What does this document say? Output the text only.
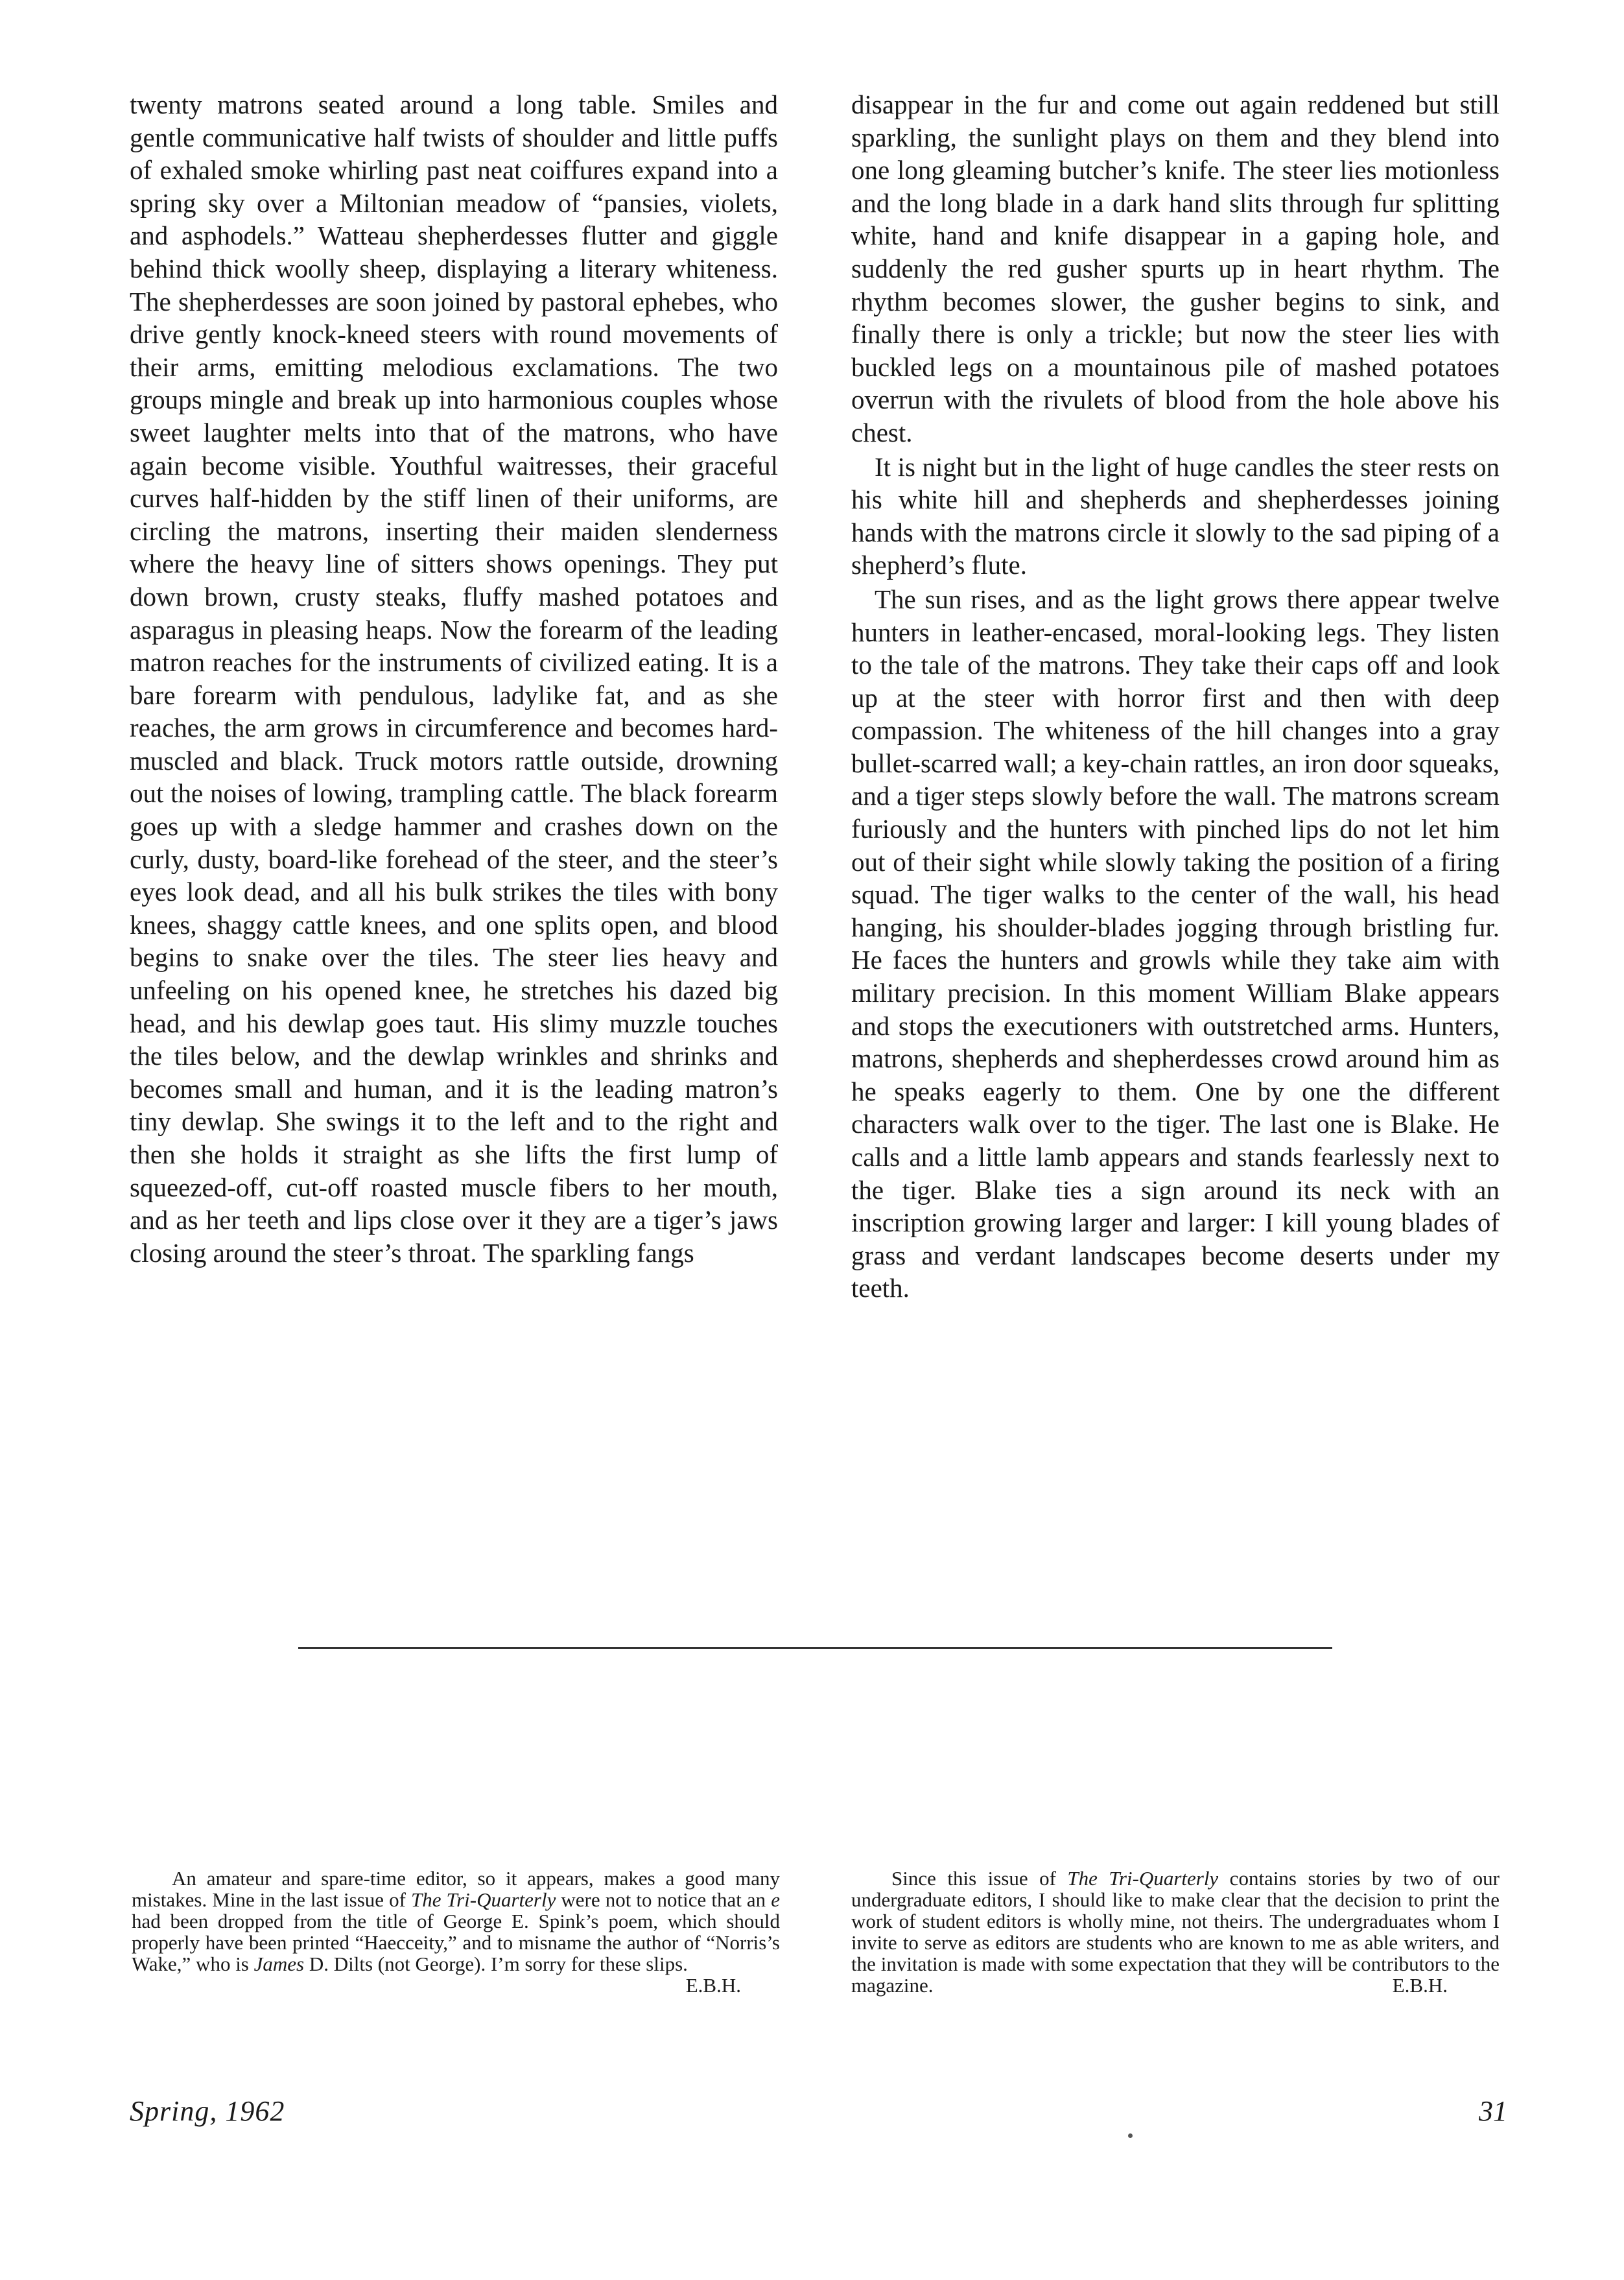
twenty matrons seated around a long table. Smiles and gentle communicative half twists of shoulder and little puffs of exhaled smoke whirling past neat coiffures expand into a spring sky over a Miltonian meadow of “pansies, violets, and asphodels.” Watteau shepherdesses flutter and giggle behind thick woolly sheep, displaying a literary whiteness. The shepherdesses are soon joined by pastoral ephebes, who drive gently knock-kneed steers with round movements of their arms, emitting melodious exclamations. The two groups mingle and break up into harmonious couples whose sweet laughter melts into that of the matrons, who have again become visible. Youthful waitresses, their graceful curves half-hidden by the stiff linen of their uniforms, are circling the matrons, inserting their maiden slenderness where the heavy line of sitters shows openings. They put down brown, crusty steaks, fluffy mashed potatoes and asparagus in pleasing heaps. Now the forearm of the leading matron reaches for the instruments of civilized eating. It is a bare forearm with pendulous, ladylike fat, and as she reaches, the arm grows in circumference and becomes hard-muscled and black. Truck motors rattle outside, drowning out the noises of lowing, trampling cattle. The black forearm goes up with a sledge hammer and crashes down on the curly, dusty, board-like forehead of the steer, and the steer’s eyes look dead, and all his bulk strikes the tiles with bony knees, shaggy cattle knees, and one splits open, and blood begins to snake over the tiles. The steer lies heavy and unfeeling on his opened knee, he stretches his dazed big head, and his dewlap goes taut. His slimy muzzle touches the tiles below, and the dewlap wrinkles and shrinks and becomes small and human, and it is the leading matron’s tiny dewlap. She swings it to the left and to the right and then she holds it straight as she lifts the first lump of squeezed-off, cut-off roasted muscle fibers to her mouth, and as her teeth and lips close over it they are a tiger’s jaws closing around the steer’s throat. The sparkling fangs

disappear in the fur and come out again reddened but still sparkling, the sunlight plays on them and they blend into one long gleaming butcher’s knife. The steer lies motionless and the long blade in a dark hand slits through fur splitting white, hand and knife disappear in a gaping hole, and suddenly the red gusher spurts up in heart rhythm. The rhythm becomes slower, the gusher begins to sink, and finally there is only a trickle; but now the steer lies with buckled legs on a mountainous pile of mashed potatoes overrun with the rivulets of blood from the hole above his chest.

It is night but in the light of huge candles the steer rests on his white hill and shepherds and shepherdesses joining hands with the matrons circle it slowly to the sad piping of a shepherd’s flute.

The sun rises, and as the light grows there appear twelve hunters in leather-encased, moral-looking legs. They listen to the tale of the matrons. They take their caps off and look up at the steer with horror first and then with deep compassion. The whiteness of the hill changes into a gray bullet-scarred wall; a key-chain rattles, an iron door squeaks, and a tiger steps slowly before the wall. The matrons scream furiously and the hunters with pinched lips do not let him out of their sight while slowly taking the position of a firing squad. The tiger walks to the center of the wall, his head hanging, his shoulder-blades jogging through bristling fur. He faces the hunters and growls while they take aim with military precision. In this moment William Blake appears and stops the executioners with outstretched arms. Hunters, matrons, shepherds and shepherdesses crowd around him as he speaks eagerly to them. One by one the different characters walk over to the tiger. The last one is Blake. He calls and a little lamb appears and stands fearlessly next to the tiger. Blake ties a sign around its neck with an inscription growing larger and larger: I kill young blades of grass and verdant landscapes become deserts under my teeth.

An amateur and spare-time editor, so it appears, makes a good many mistakes. Mine in the last issue of The Tri-Quarterly were not to notice that an e had been dropped from the title of George E. Spink’s poem, which should properly have been printed “Haecceity,” and to misname the author of “Norris’s Wake,” who is James D. Dilts (not George). I’m sorry for these slips.

E.B.H.

Since this issue of The Tri-Quarterly contains stories by two of our undergraduate editors, I should like to make clear that the decision to print the work of student editors is wholly mine, not theirs. The undergraduates whom I invite to serve as editors are students who are known to me as able writers, and the invitation is made with some expectation that they will be contributors to the magazine.	E.B.H.

Spring, 1962	31
